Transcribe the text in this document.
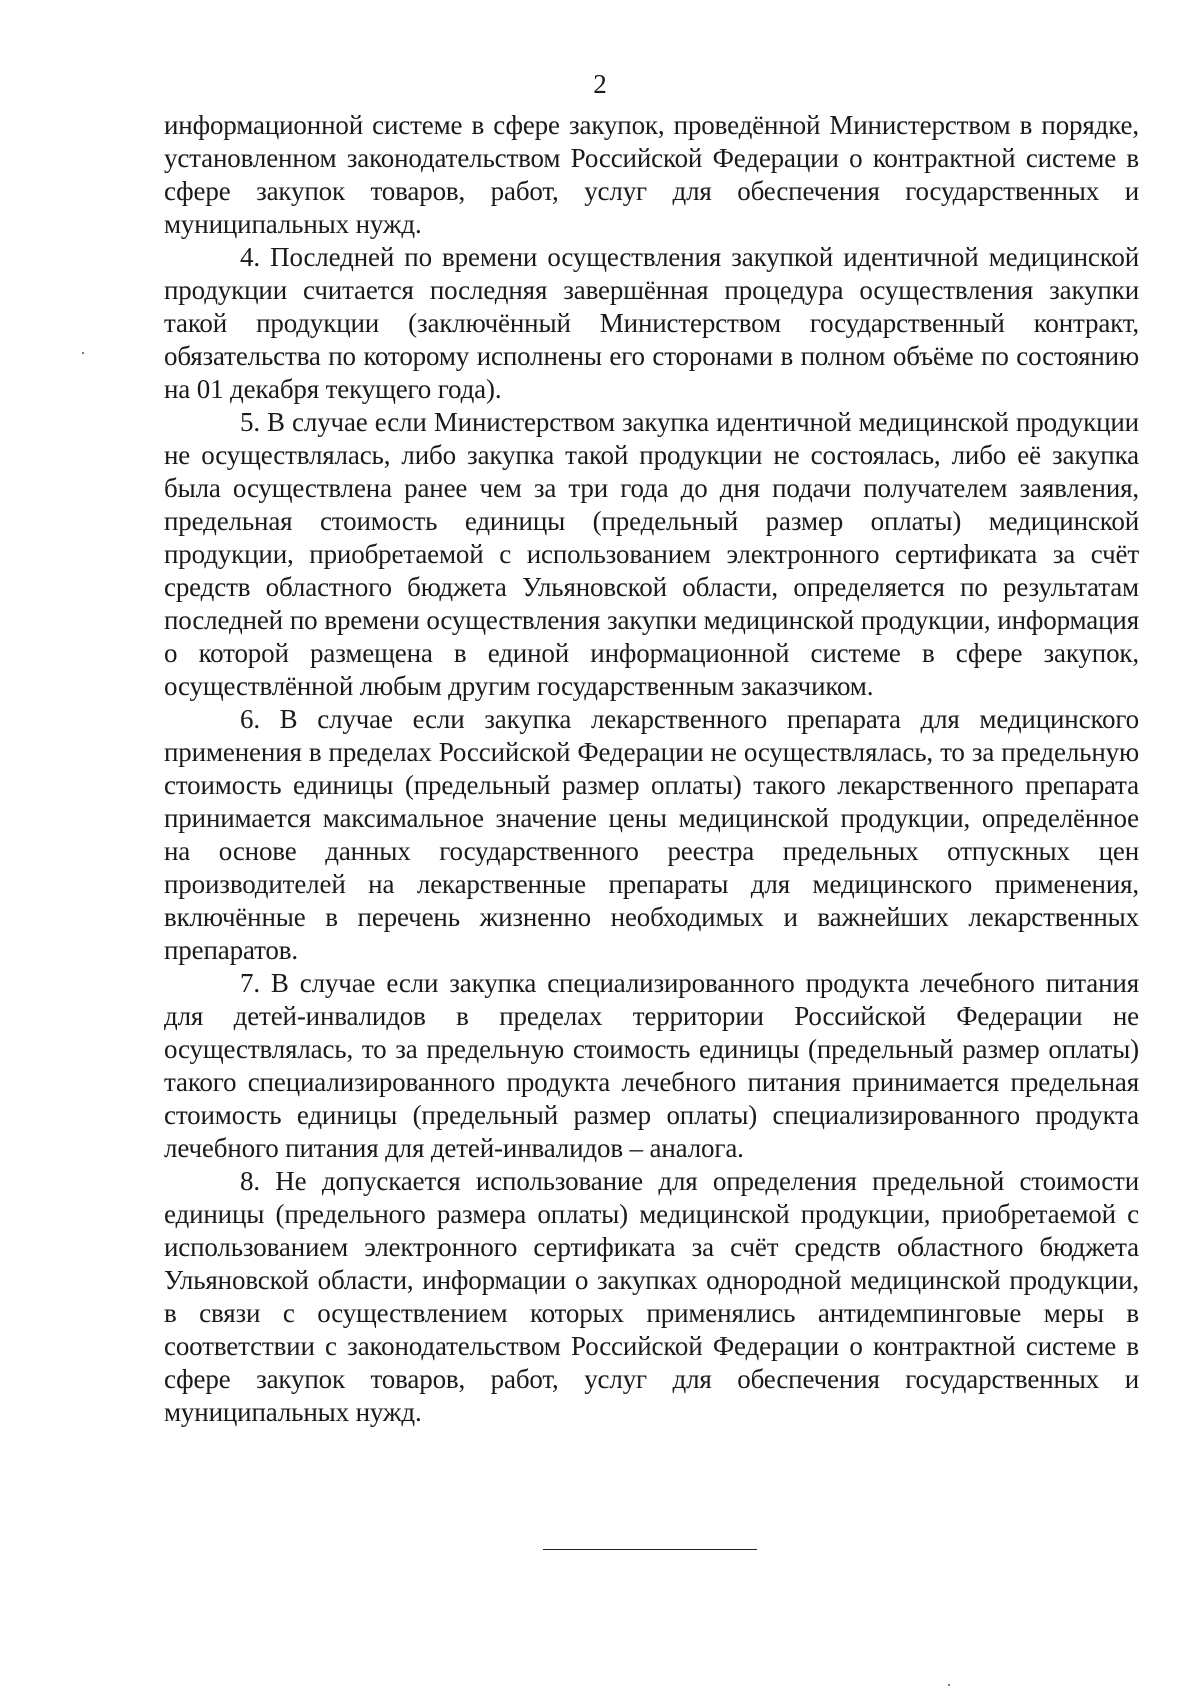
2

информационной системе в сфере закупок, проведённой Министерством в порядке, установленном законодательством Российской Федерации о контрактной системе в сфере закупок товаров, работ, услуг для обеспечения государственных и муниципальных нужд.

4. Последней по времени осуществления закупкой идентичной медицинской продукции считается последняя завершённая процедура осуществления закупки такой продукции (заключённый Министерством государственный контракт, обязательства по которому исполнены его сторонами в полном объёме по состоянию на 01 декабря текущего года).

5. В случае если Министерством закупка идентичной медицинской продукции не осуществлялась, либо закупка такой продукции не состоялась, либо её закупка была осуществлена ранее чем за три года до дня подачи получателем заявления, предельная стоимость единицы (предельный размер оплаты) медицинской продукции, приобретаемой с использованием электронного сертификата за счёт средств областного бюджета Ульяновской области, определяется по результатам последней по времени осуществления закупки медицинской продукции, информация о которой размещена в единой информационной системе в сфере закупок, осуществлённой любым другим государственным заказчиком.

6. В случае если закупка лекарственного препарата для медицинского применения в пределах Российской Федерации не осуществлялась, то за предельную стоимость единицы (предельный размер оплаты) такого лекарственного препарата принимается максимальное значение цены медицинской продукции, определённое на основе данных государственного реестра предельных отпускных цен производителей на лекарственные препараты для медицинского применения, включённые в перечень жизненно необходимых и важнейших лекарственных препаратов.

7. В случае если закупка специализированного продукта лечебного питания для детей-инвалидов в пределах территории Российской Федерации не осуществлялась, то за предельную стоимость единицы (предельный размер оплаты) такого специализированного продукта лечебного питания принимается предельная стоимость единицы (предельный размер оплаты) специализированного продукта лечебного питания для детей-инвалидов – аналога.

8. Не допускается использование для определения предельной стоимости единицы (предельного размера оплаты) медицинской продукции, приобретаемой с использованием электронного сертификата за счёт средств областного бюджета Ульяновской области, информации о закупках однородной медицинской продукции, в связи с осуществлением которых применялись антидемпинговые меры в соответствии с законодательством Российской Федерации о контрактной системе в сфере закупок товаров, работ, услуг для обеспечения государственных и муниципальных нужд.
